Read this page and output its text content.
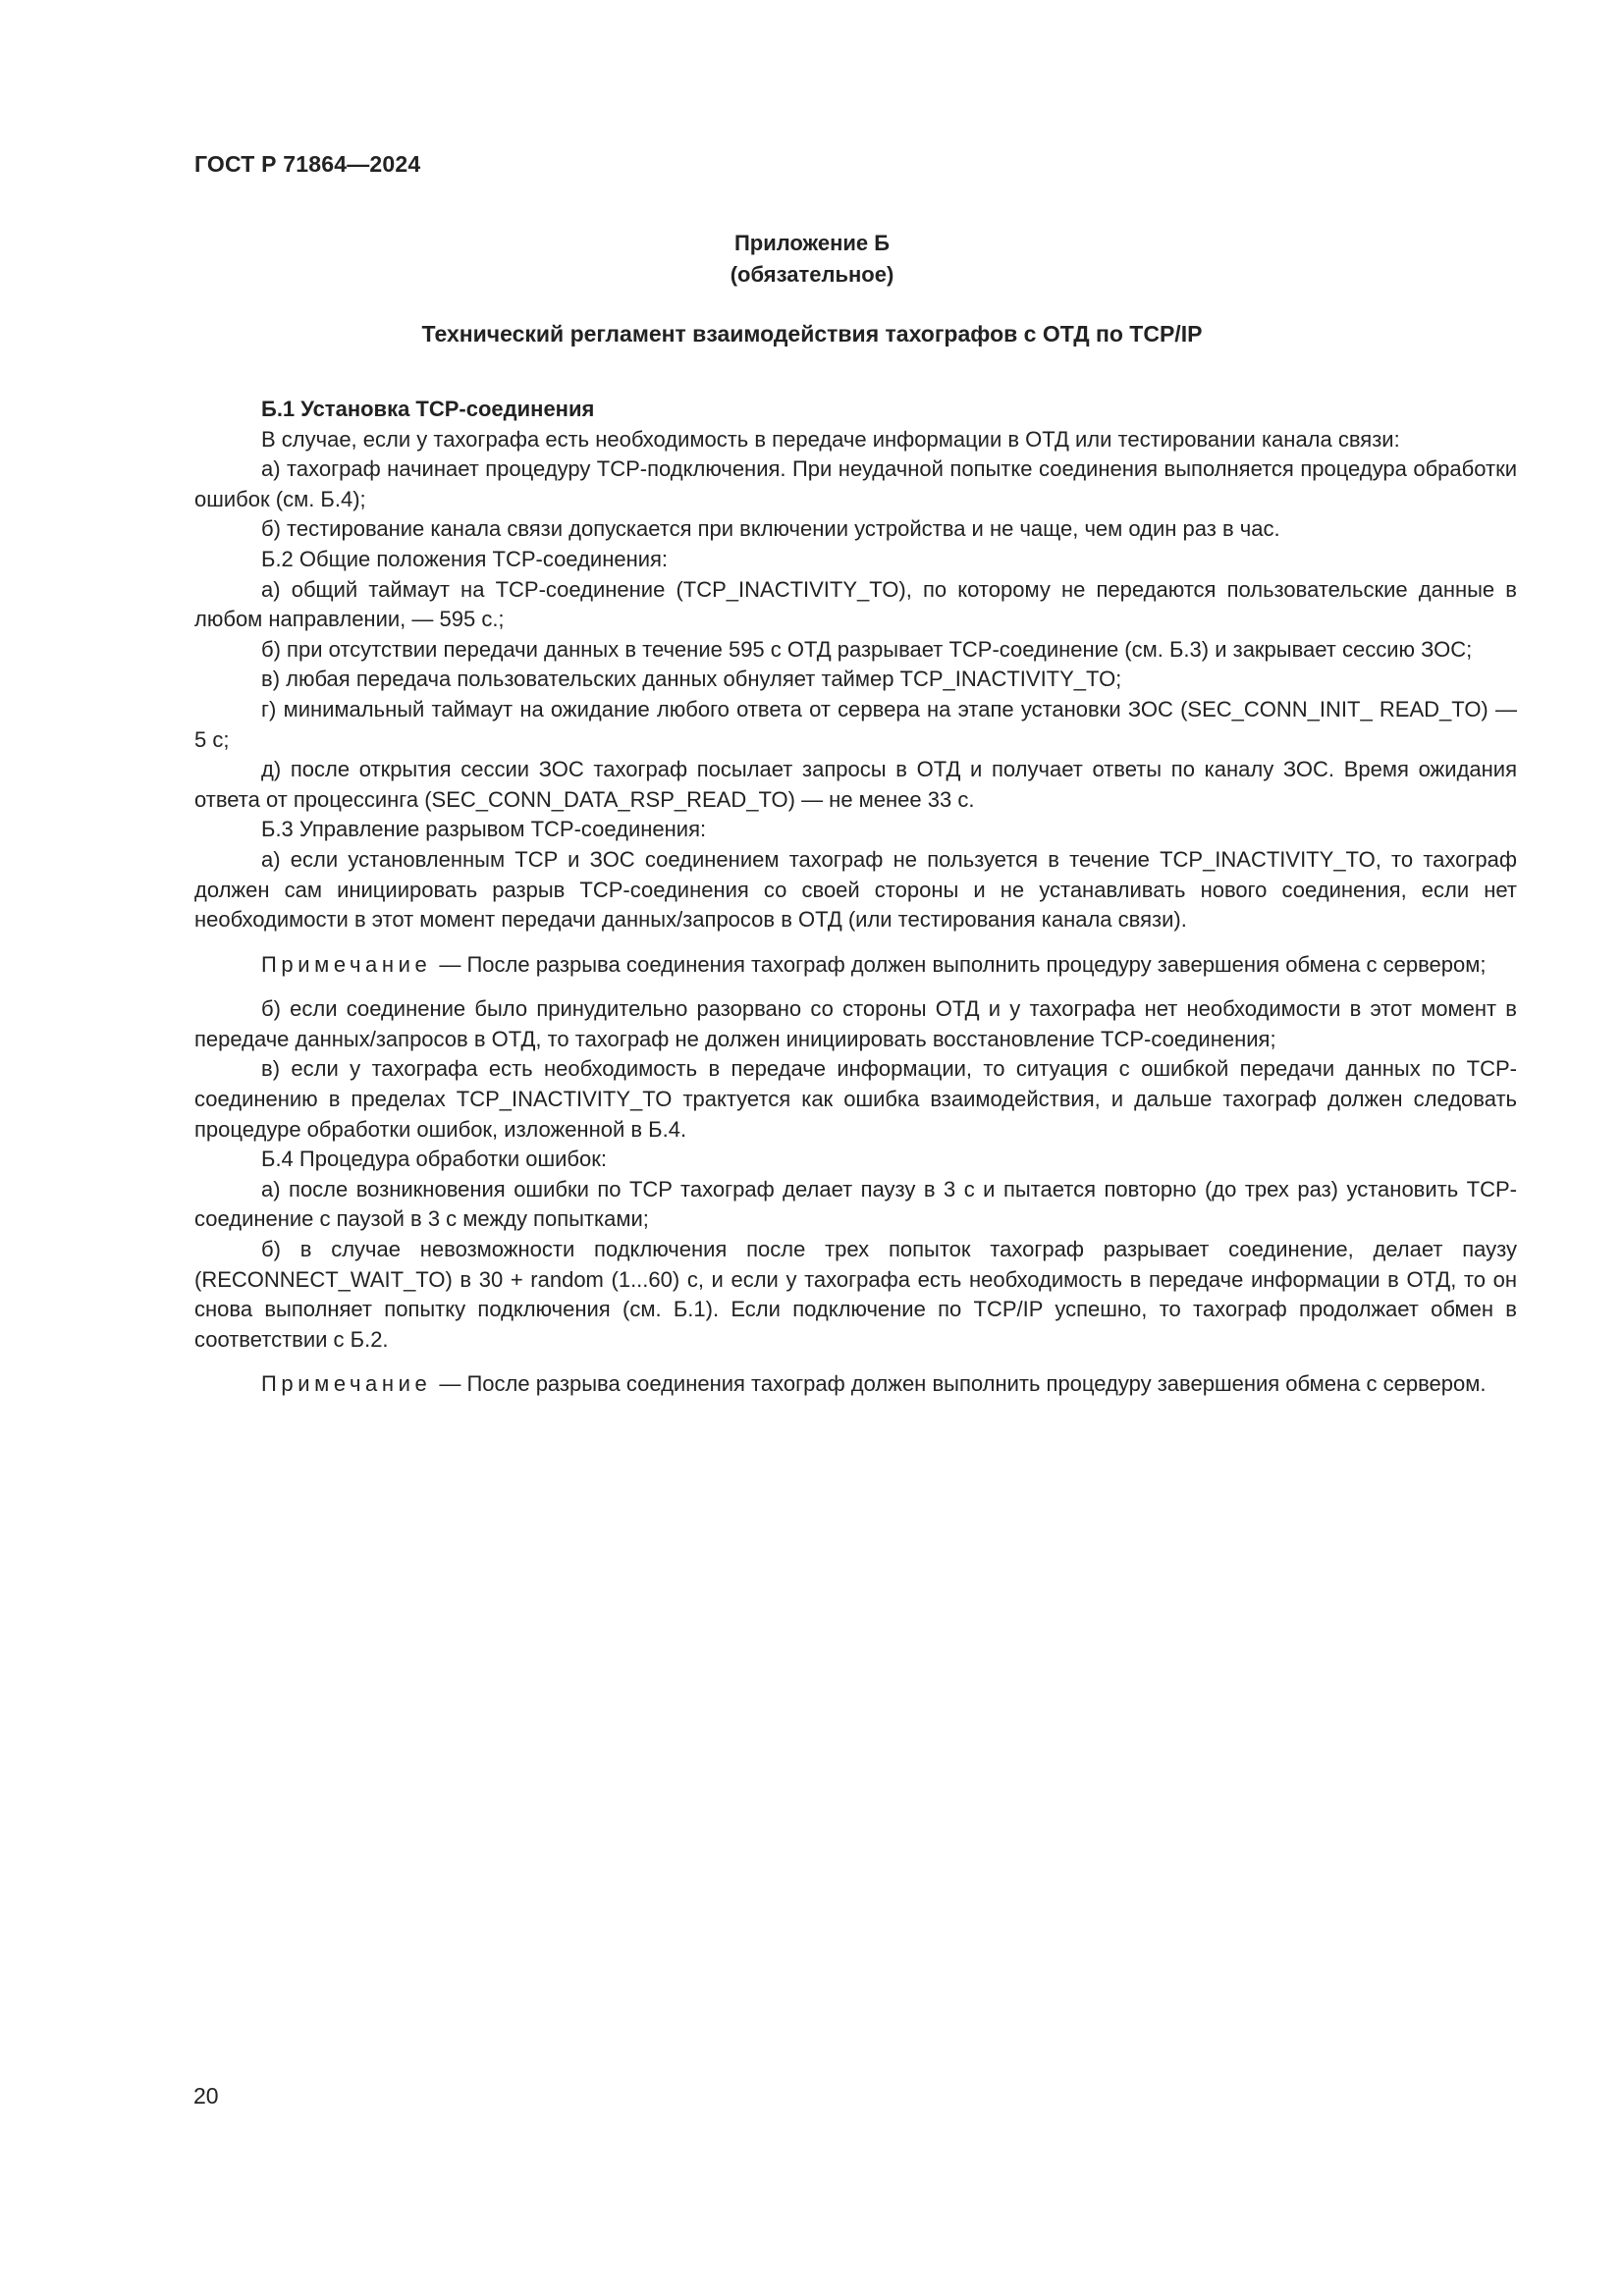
ГОСТ Р 71864—2024
Приложение Б
(обязательное)
Технический регламент взаимодействия тахографов с ОТД по TCP/IP

Б.1 Установка TCP-соединения

В случае, если у тахографа есть необходимость в передаче информации в ОТД или тестировании канала связи:

а) тахограф начинает процедуру TCP-подключения. При неудачной попытке соединения выполняется процедура обработки ошибок (см. Б.4);

б) тестирование канала связи допускается при включении устройства и не чаще, чем один раз в час.

Б.2 Общие положения TCP-соединения:

а) общий таймаут на TCP-соединение (TCP_INACTIVITY_TO), по которому не передаются пользовательские данные в любом направлении, — 595 с.;

б) при отсутствии передачи данных в течение 595 с ОТД разрывает TCP-соединение (см. Б.3) и закрывает сессию ЗОС;

в) любая передача пользовательских данных обнуляет таймер TCP_INACTIVITY_TO;

г) минимальный таймаут на ожидание любого ответа от сервера на этапе установки ЗОС (SEC_CONN_INIT_ READ_TO) — 5 с;

д) после открытия сессии ЗОС тахограф посылает запросы в ОТД и получает ответы по каналу ЗОС. Время ожидания ответа от процессинга (SEC_CONN_DATA_RSP_READ_TO) — не менее 33 с.

Б.3 Управление разрывом TCP-соединения:

а) если установленным TCP и ЗОС соединением тахограф не пользуется в течение TCP_INACTIVITY_TO, то тахограф должен сам инициировать разрыв TCP-соединения со своей стороны и не устанавливать нового соединения, если нет необходимости в этот момент передачи данных/запросов в ОТД (или тестирования канала связи).

Примечание — После разрыва соединения тахограф должен выполнить процедуру завершения обмена с сервером;

б) если соединение было принудительно разорвано со стороны ОТД и у тахографа нет необходимости в этот момент в передаче данных/запросов в ОТД, то тахограф не должен инициировать восстановление TCP-соединения;

в) если у тахографа есть необходимость в передаче информации, то ситуация с ошибкой передачи данных по TCP-соединению в пределах TCP_INACTIVITY_TO трактуется как ошибка взаимодействия, и дальше тахограф должен следовать процедуре обработки ошибок, изложенной в Б.4.

Б.4 Процедура обработки ошибок:

а) после возникновения ошибки по TCP тахограф делает паузу в 3 с и пытается повторно (до трех раз) установить TCP-соединение с паузой в 3 с между попытками;

б) в случае невозможности подключения после трех попыток тахограф разрывает соединение, делает паузу (RECONNECT_WAIT_TO) в 30 + random (1...60) с, и если у тахографа есть необходимость в передаче информации в ОТД, то он снова выполняет попытку подключения (см. Б.1). Если подключение по TCP/IP успешно, то тахограф продолжает обмен в соответствии с Б.2.

Примечание — После разрыва соединения тахограф должен выполнить процедуру завершения обмена с сервером.

20
